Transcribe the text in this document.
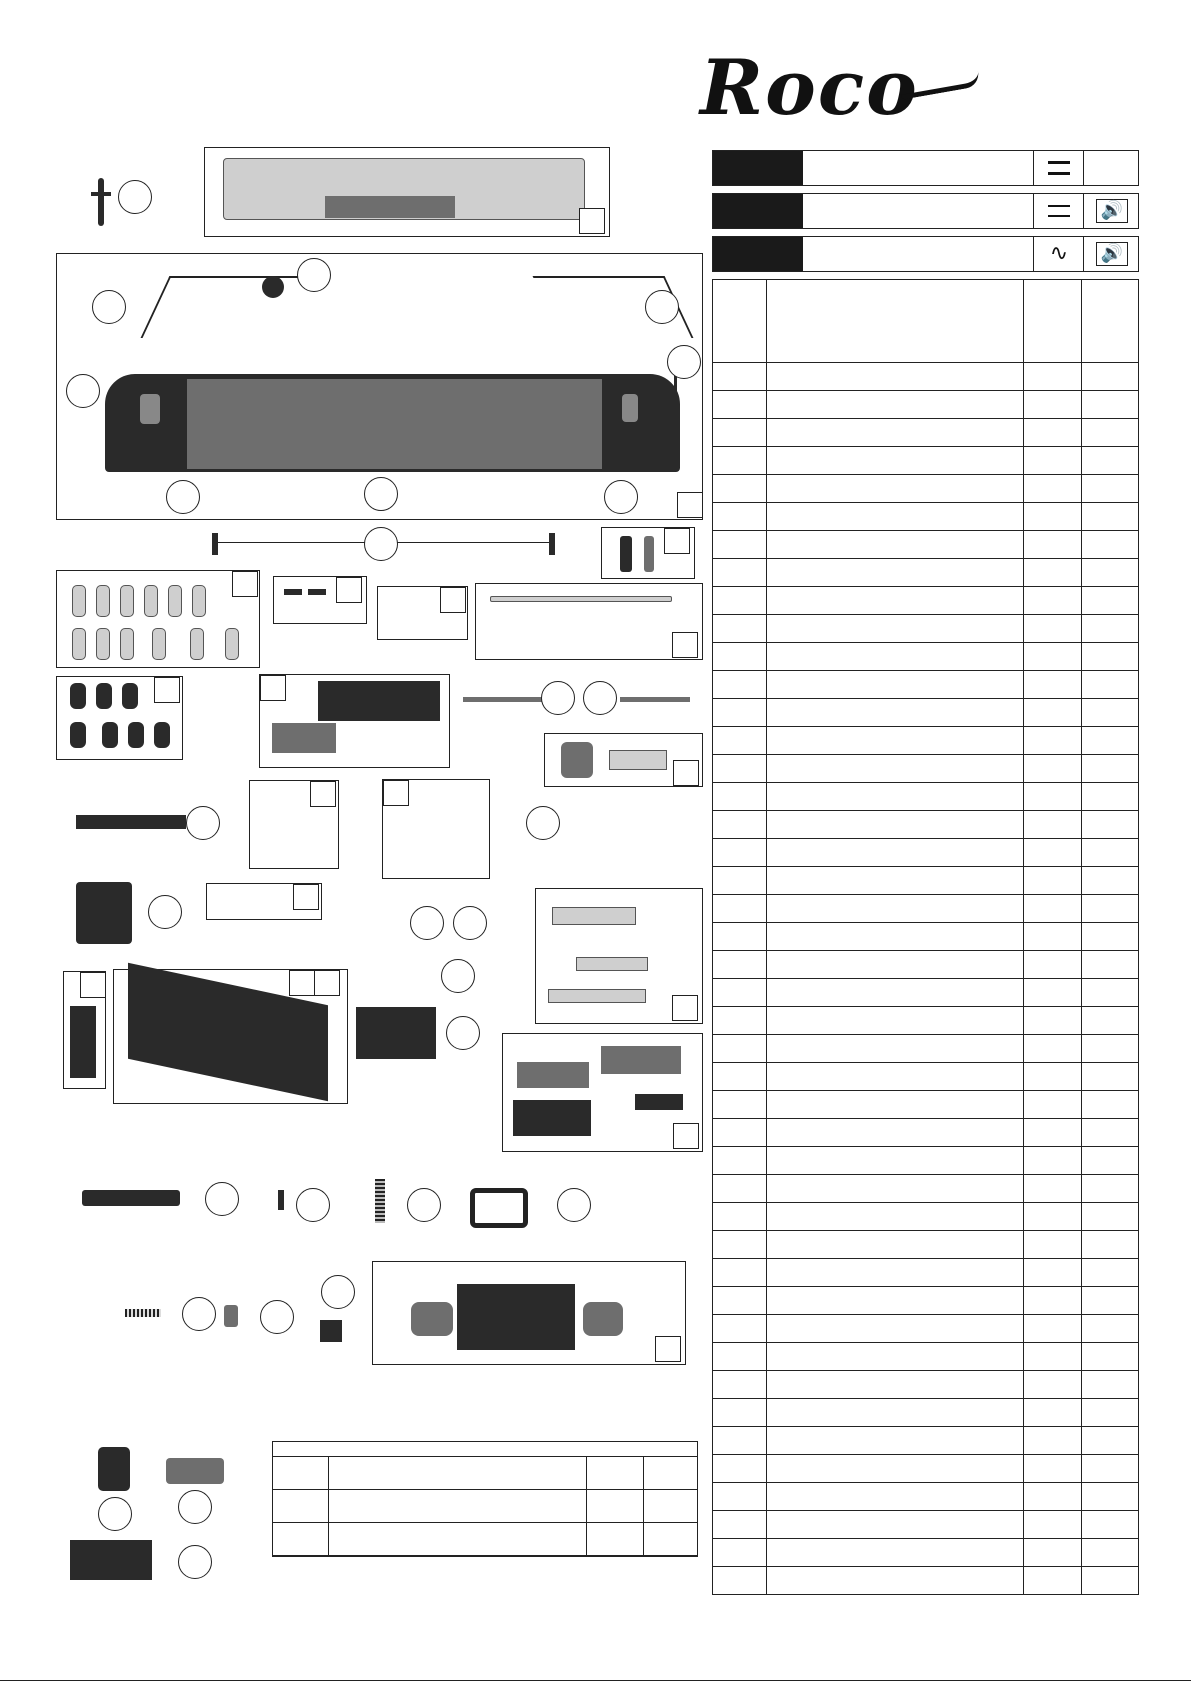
Roco
🔊
∿ 🔊
